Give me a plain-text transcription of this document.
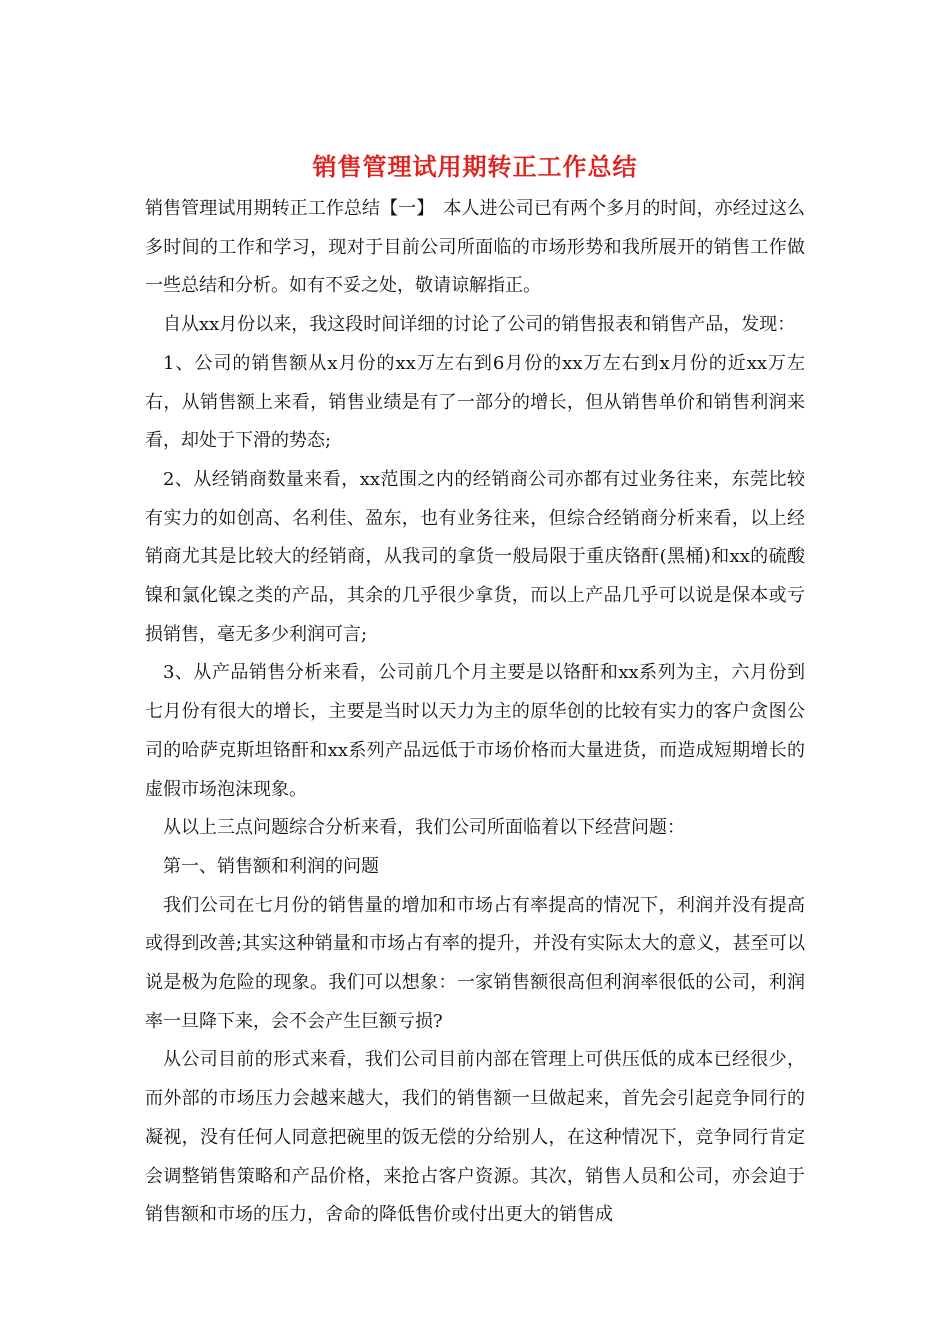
销售管理试用期转正工作总结

销售管理试用期转正工作总结【一】　本人进公司已有两个多月的时间，亦经过这么多时间的工作和学习，现对于目前公司所面临的市场形势和我所展开的销售工作做一些总结和分析。如有不妥之处，敬请谅解指正。

自从xx月份以来，我这段时间详细的讨论了公司的销售报表和销售产品，发现：

1、公司的销售额从x月份的xx万左右到6月份的xx万左右到x月份的近xx万左右，从销售额上来看，销售业绩是有了一部分的增长，但从销售单价和销售利润来看，却处于下滑的势态;

2、从经销商数量来看，xx范围之内的经销商公司亦都有过业务往来，东莞比较有实力的如创高、名利佳、盈东，也有业务往来，但综合经销商分析来看，以上经销商尤其是比较大的经销商，从我司的拿货一般局限于重庆铬酐(黑桶)和xx的硫酸镍和氯化镍之类的产品，其余的几乎很少拿货，而以上产品几乎可以说是保本或亏损销售，毫无多少利润可言;

3、从产品销售分析来看，公司前几个月主要是以铬酐和xx系列为主，六月份到七月份有很大的增长，主要是当时以天力为主的原华创的比较有实力的客户贪图公司的哈萨克斯坦铬酐和xx系列产品远低于市场价格而大量进货，而造成短期增长的虚假市场泡沫现象。

从以上三点问题综合分析来看，我们公司所面临着以下经营问题：

第一、销售额和利润的问题

我们公司在七月份的销售量的增加和市场占有率提高的情况下，利润并没有提高或得到改善;其实这种销量和市场占有率的提升，并没有实际太大的意义，甚至可以说是极为危险的现象。我们可以想象：一家销售额很高但利润率很低的公司，利润率一旦降下来，会不会产生巨额亏损?

从公司目前的形式来看，我们公司目前内部在管理上可供压低的成本已经很少，而外部的市场压力会越来越大，我们的销售额一旦做起来，首先会引起竞争同行的凝视，没有任何人同意把碗里的饭无偿的分给别人，在这种情况下，竞争同行肯定会调整销售策略和产品价格，来抢占客户资源。其次，销售人员和公司，亦会迫于销售额和市场的压力，舍命的降低售价或付出更大的销售成
